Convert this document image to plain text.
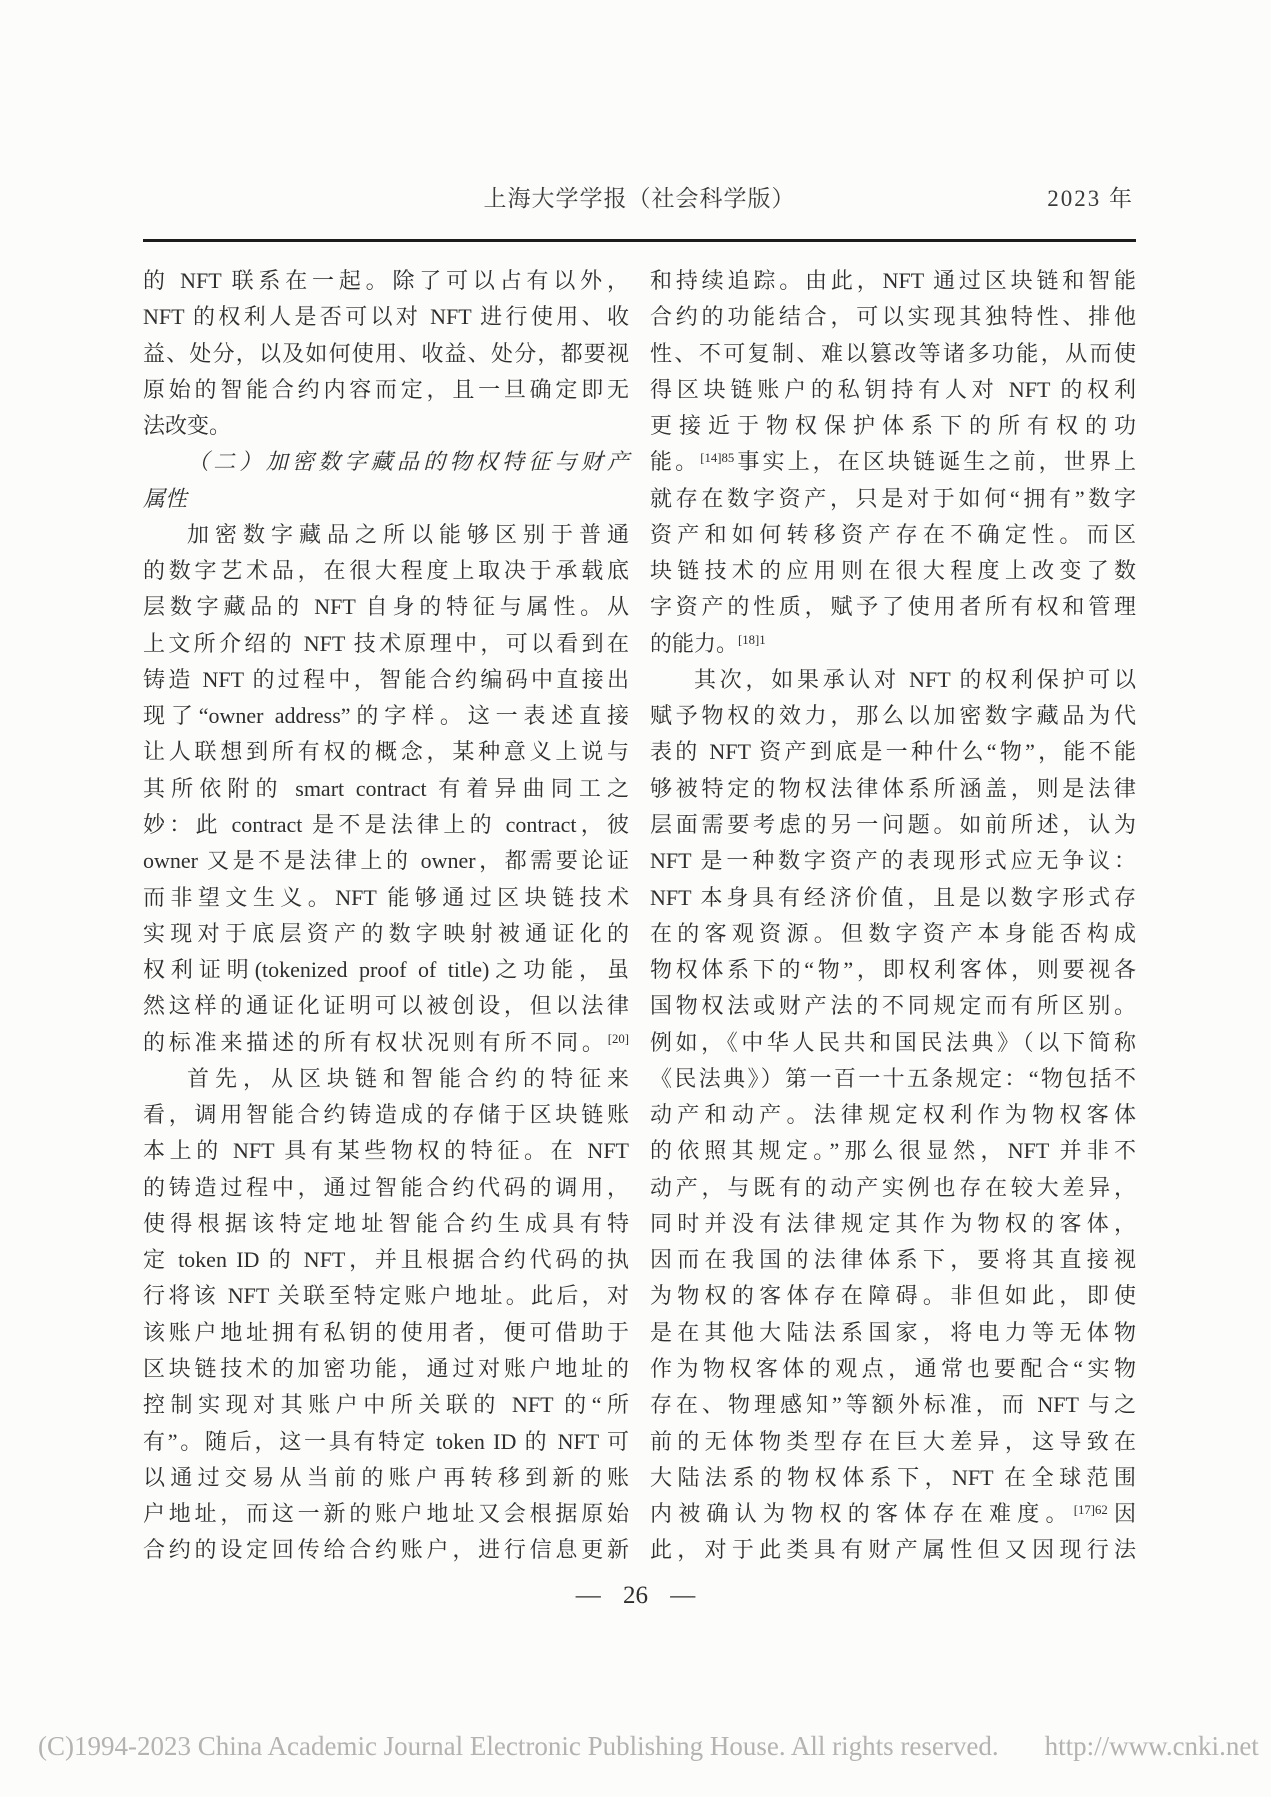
上海大学学报（社会科学版）	2023 年
的 NFT 联系在一起。除了可以占有以外，
NFT 的权利人是否可以对 NFT 进行使用、收
益、处分，以及如何使用、收益、处分，都要视
原始的智能合约内容而定，且一旦确定即无
法改变。
（二）加密数字藏品的物权特征与财产
属性
加密数字藏品之所以能够区别于普通
的数字艺术品，在很大程度上取决于承载底
层数字藏品的 NFT 自身的特征与属性。从
上文所介绍的 NFT 技术原理中，可以看到在
铸造 NFT 的过程中，智能合约编码中直接出
现了“owner address”的字样。这一表述直接
让人联想到所有权的概念，某种意义上说与
其所依附的 smart contract 有着异曲同工之
妙：此 contract 是不是法律上的 contract，彼
owner 又是不是法律上的 owner，都需要论证
而非望文生义。NFT 能够通过区块链技术
实现对于底层资产的数字映射被通证化的
权利证明(tokenized proof of title)之功能，虽
然这样的通证化证明可以被创设，但以法律
的标准来描述的所有权状况则有所不同。[20]
首先，从区块链和智能合约的特征来
看，调用智能合约铸造成的存储于区块链账
本上的 NFT 具有某些物权的特征。在 NFT
的铸造过程中，通过智能合约代码的调用，
使得根据该特定地址智能合约生成具有特
定 token ID 的 NFT，并且根据合约代码的执
行将该 NFT 关联至特定账户地址。此后，对
该账户地址拥有私钥的使用者，便可借助于
区块链技术的加密功能，通过对账户地址的
控制实现对其账户中所关联的 NFT 的“所
有”。随后，这一具有特定 token ID 的 NFT 可
以通过交易从当前的账户再转移到新的账
户地址，而这一新的账户地址又会根据原始
合约的设定回传给合约账户，进行信息更新
和持续追踪。由此，NFT 通过区块链和智能
合约的功能结合，可以实现其独特性、排他
性、不可复制、难以篡改等诸多功能，从而使
得区块链账户的私钥持有人对 NFT 的权利
更接近于物权保护体系下的所有权的功
能。$^{[14]85}$事实上，在区块链诞生之前，世界上
就存在数字资产，只是对于如何“拥有”数字
资产和如何转移资产存在不确定性。而区
块链技术的应用则在很大程度上改变了数
字资产的性质，赋予了使用者所有权和管理
的能力。$^{[18]1}$
其次，如果承认对 NFT 的权利保护可以
赋予物权的效力，那么以加密数字藏品为代
表的 NFT 资产到底是一种什么“物”，能不能
够被特定的物权法律体系所涵盖，则是法律
层面需要考虑的另一问题。如前所述，认为
NFT 是一种数字资产的表现形式应无争议：
NFT 本身具有经济价值，且是以数字形式存
在的客观资源。但数字资产本身能否构成
物权体系下的“物”，即权利客体，则要视各
国物权法或财产法的不同规定而有所区别。
例如，《中华人民共和国民法典》（以下简称
《民法典》）第一百一十五条规定：“物包括不
动产和动产。法律规定权利作为物权客体
的依照其规定。”那么很显然，NFT 并非不
动产，与既有的动产实例也存在较大差异，
同时并没有法律规定其作为物权的客体，
因而在我国的法律体系下，要将其直接视
为物权的客体存在障碍。非但如此，即使
是在其他大陆法系国家，将电力等无体物
作为物权客体的观点，通常也要配合“实物
存在、物理感知”等额外标准，而 NFT 与之
前的无体物类型存在巨大差异，这导致在
大陆法系的物权体系下，NFT 在全球范围
内被确认为物权的客体存在难度。$^{[17]62}$因
此，对于此类具有财产属性但又因现行法
— 26 —
(C)1994-2023 China Academic Journal Electronic Publishing House. All rights reserved. http://www.cnki.net
